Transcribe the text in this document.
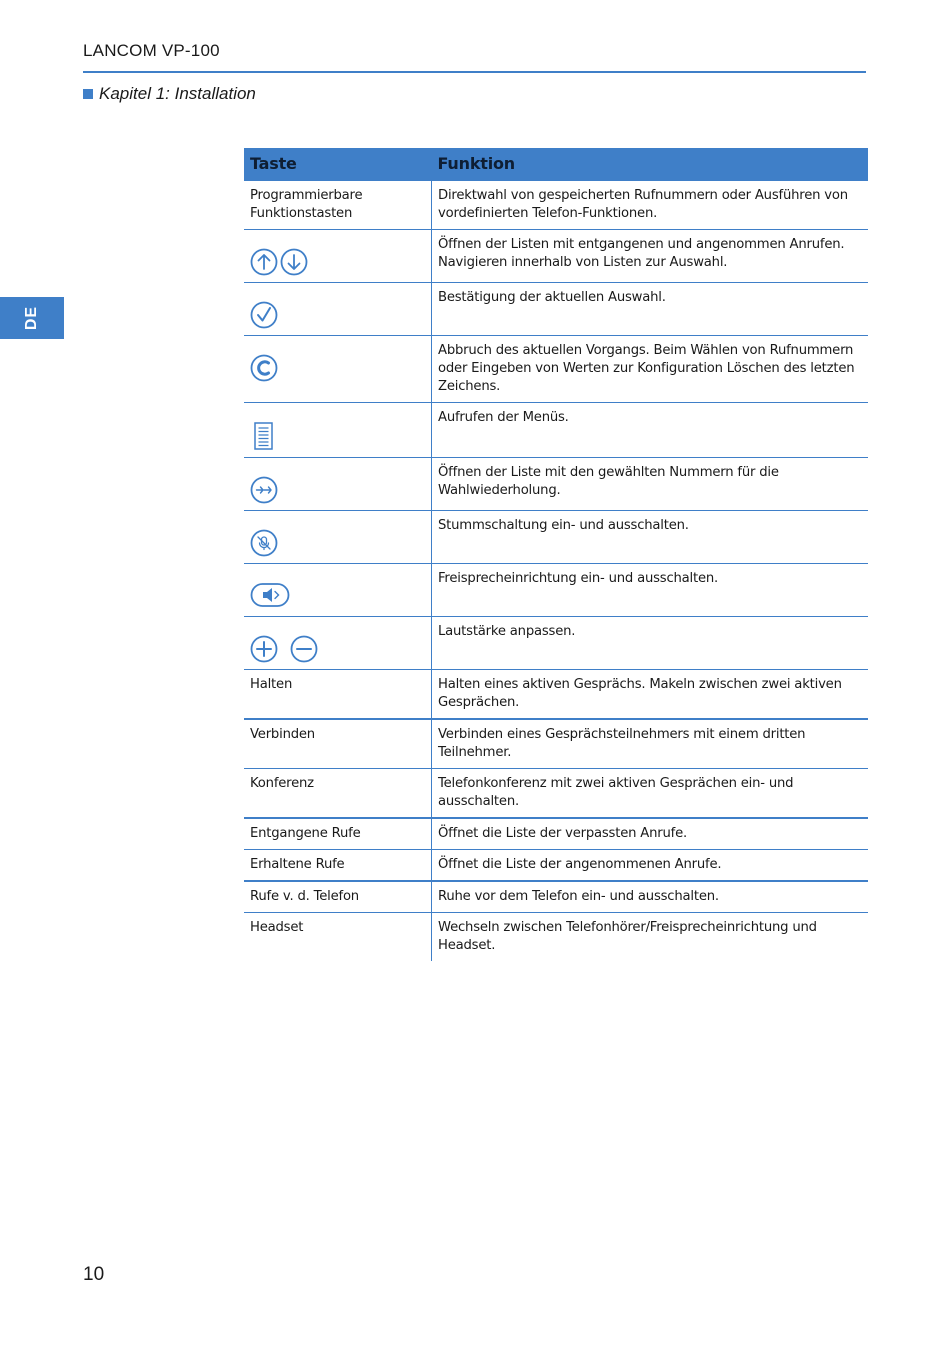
LANCOM VP-100
Kapitel 1: Installation
DE
Taste	Funktion
Programmierbare Funktionstasten	Direktwahl von gespeicherten Rufnummern oder Ausführen von vordefinierten Telefon-Funktionen.

	Öffnen der Listen mit entgangenen und angenommen Anrufen. Navigieren innerhalb von Listen zur Auswahl.

	Bestätigung der aktuellen Auswahl.

	Abbruch des aktuellen Vorgangs. Beim Wählen von Rufnummern oder Eingeben von Werten zur Konfiguration Löschen des letzten Zeichens.

	Aufrufen der Menüs.

	Öffnen der Liste mit den gewählten Nummern für die Wahlwiederholung.

	Stummschaltung ein- und ausschalten.

	Freisprecheinrichtung ein- und ausschalten.

	Lautstärke anpassen.
Halten	Halten eines aktiven Gesprächs. Makeln zwischen zwei aktiven Gesprächen.
Verbinden	Verbinden eines Gesprächsteilnehmers mit einem dritten Teilnehmer.
Konferenz	Telefonkonferenz mit zwei aktiven Gesprächen ein- und ausschalten.
Entgangene Rufe	Öffnet die Liste der verpassten Anrufe.
Erhaltene Rufe	Öffnet die Liste der angenommenen Anrufe.
Rufe v. d. Telefon	Ruhe vor dem Telefon ein- und ausschalten.
Headset	Wechseln zwischen Telefonhörer/Freisprecheinrichtung und Headset.
10
